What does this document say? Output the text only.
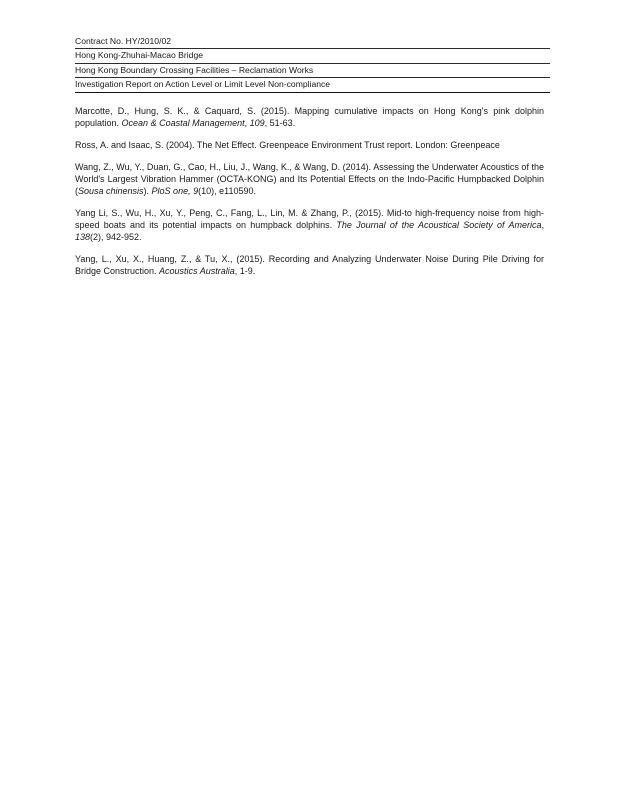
Contract No. HY/2010/02
Hong Kong-Zhuhai-Macao Bridge
Hong Kong Boundary Crossing Facilities – Reclamation Works
Investigation Report on Action Level or Limit Level Non-compliance

Marcotte, D., Hung, S. K., & Caquard, S. (2015). Mapping cumulative impacts on Hong Kong's pink dolphin population. Ocean & Coastal Management, 109, 51-63.

Ross, A. and Isaac, S. (2004). The Net Effect. Greenpeace Environment Trust report. London: Greenpeace

Wang, Z., Wu, Y., Duan, G., Cao, H., Liu, J., Wang, K., & Wang, D. (2014). Assessing the Underwater Acoustics of the World's Largest Vibration Hammer (OCTA-KONG) and Its Potential Effects on the Indo-Pacific Humpbacked Dolphin (Sousa chinensis). PloS one, 9(10), e110590.

Yang Li, S., Wu, H., Xu, Y., Peng, C., Fang, L., Lin, M. & Zhang, P., (2015). Mid-to high-frequency noise from high-speed boats and its potential impacts on humpback dolphins. The Journal of the Acoustical Society of America, 138(2), 942-952.

Yang, L., Xu, X., Huang, Z., & Tu, X., (2015). Recording and Analyzing Underwater Noise During Pile Driving for Bridge Construction. Acoustics Australia, 1-9.
